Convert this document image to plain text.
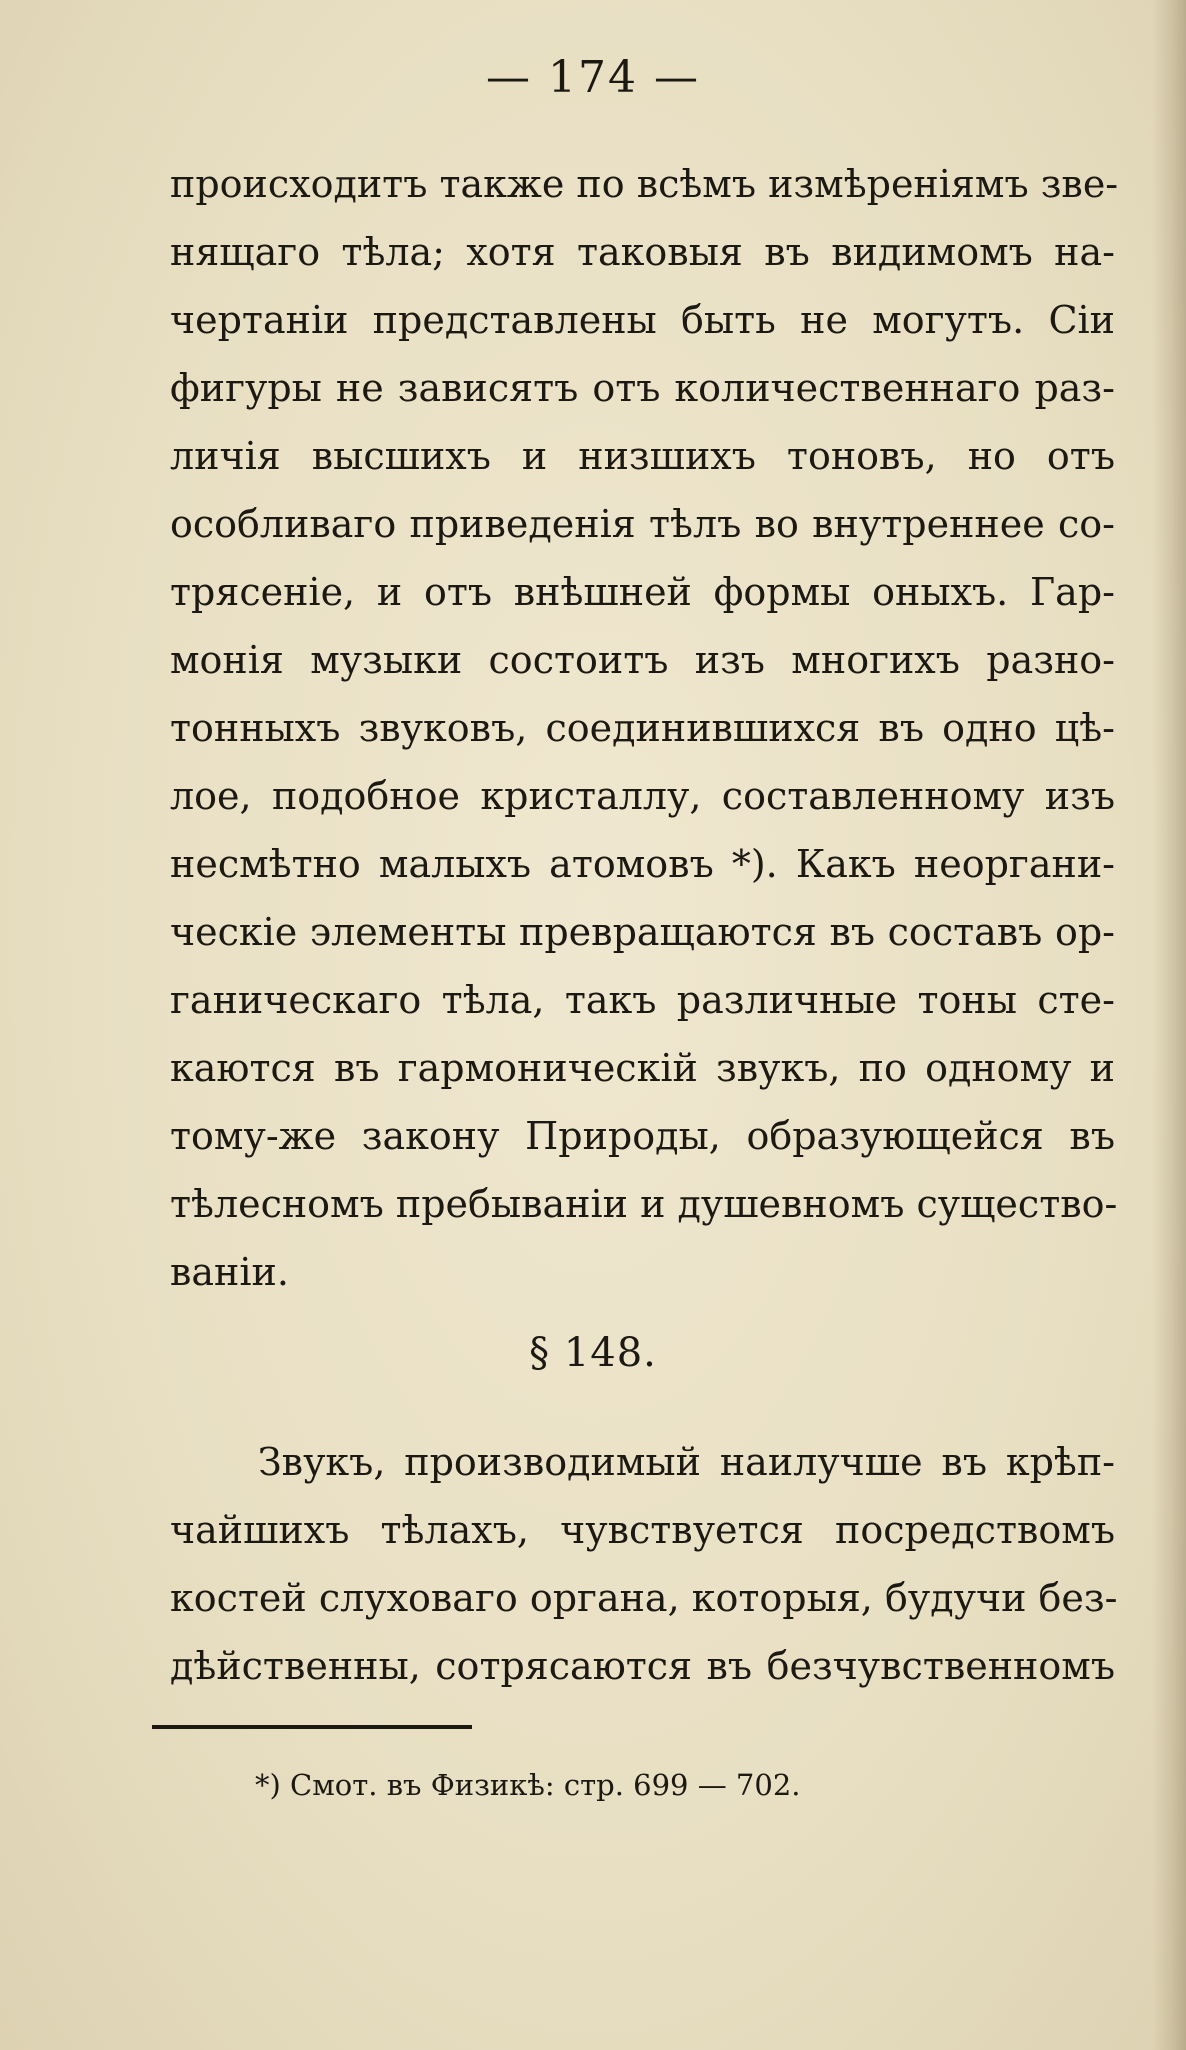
— 174 —
происходитъ также по всѣмъ измѣреніямъ зве-
нящаго тѣла; хотя таковыя въ видимомъ на-
чертаніи представлены быть не могутъ. Сіи
фигуры не зависятъ отъ количественнаго раз-
личія высшихъ и низшихъ тоновъ, но отъ
особливаго приведенія тѣлъ во внутреннее со-
трясеніе, и отъ внѣшней формы оныхъ. Гар-
монія музыки состоитъ изъ многихъ разно-
тонныхъ звуковъ, соединившихся въ одно цѣ-
лое, подобное кристаллу, составленному изъ
несмѣтно малыхъ атомовъ *). Какъ неоргани-
ческіе элементы превращаются въ составъ ор-
ганическаго тѣла, такъ различные тоны сте-
каются въ гармоническій звукъ, по одному и
тому-же закону Природы, образующейся въ
тѣлесномъ пребываніи и душевномъ существо-
ваніи.
§ 148.
Звукъ, производимый наилучше въ крѣп-
чайшихъ тѣлахъ, чувствуется посредствомъ
костей слуховаго органа, которыя, будучи без-
дѣйственны, сотрясаются въ безчувственномъ
*) Смот. въ Физикѣ: стр. 699 — 702.
